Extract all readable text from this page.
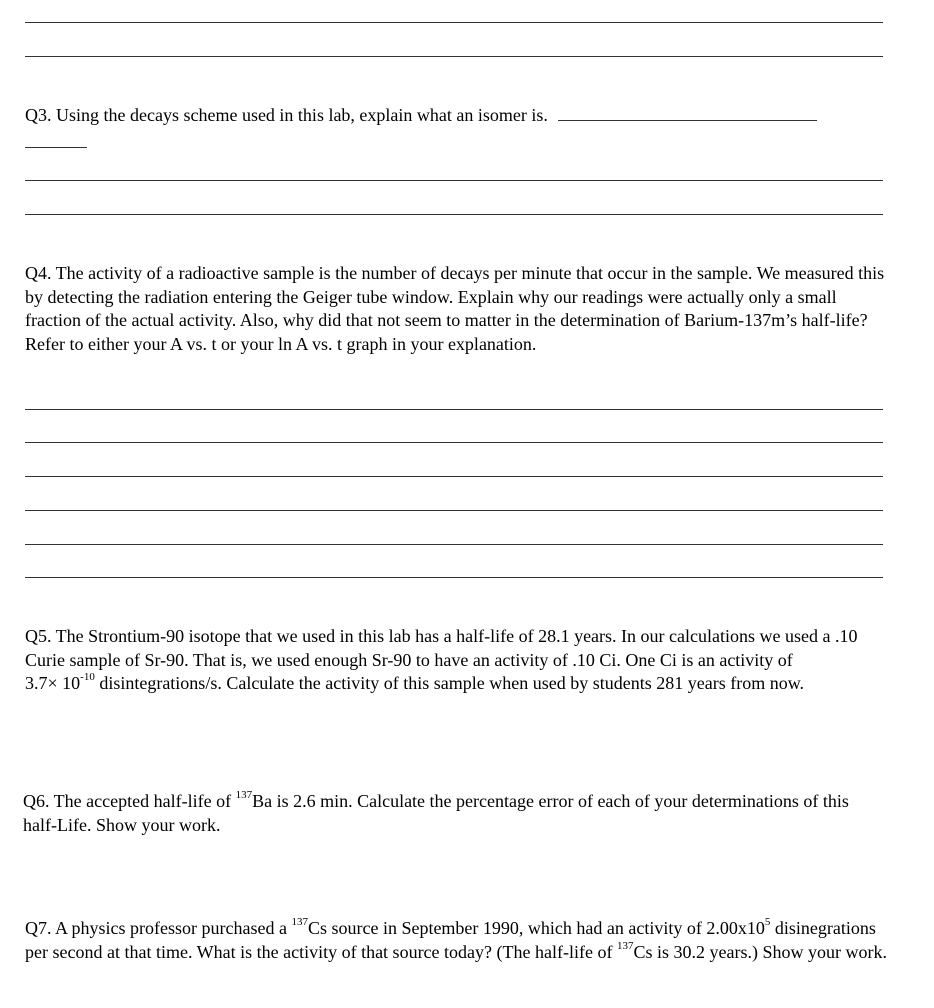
Q3. Using the decays scheme used in this lab, explain what an isomer is.
Q4. The activity of a radioactive sample is the number of decays per minute that occur in the sample. We measured this by detecting the radiation entering the Geiger tube window. Explain why our readings were actually only a small fraction of the actual activity. Also, why did that not seem to matter in the determination of Barium-137m’s half-life? Refer to either your A vs. t or your ln A vs. t graph in your explanation.
Q5. The Strontium-90 isotope that we used in this lab has a half-life of 28.1 years. In our calculations we used a .10 Curie sample of Sr-90. That is, we used enough Sr-90 to have an activity of .10 Ci. One Ci is an activity of
$3.7\times 10^{-10}$ disintegrations/s. Calculate the activity of this sample when used by students 281 years from now.
Q6. The accepted half-life of $^{137}$Ba is 2.6 min. Calculate the percentage error of each of your determinations of this half-Life. Show your work.
Q7. A physics professor purchased a $^{137}$Cs source in September 1990, which had an activity of $2.00x10^5$ disinegrations per second at that time. What is the activity of that source today? (The half-life of $^{137}$Cs is 30.2 years.) Show your work.
